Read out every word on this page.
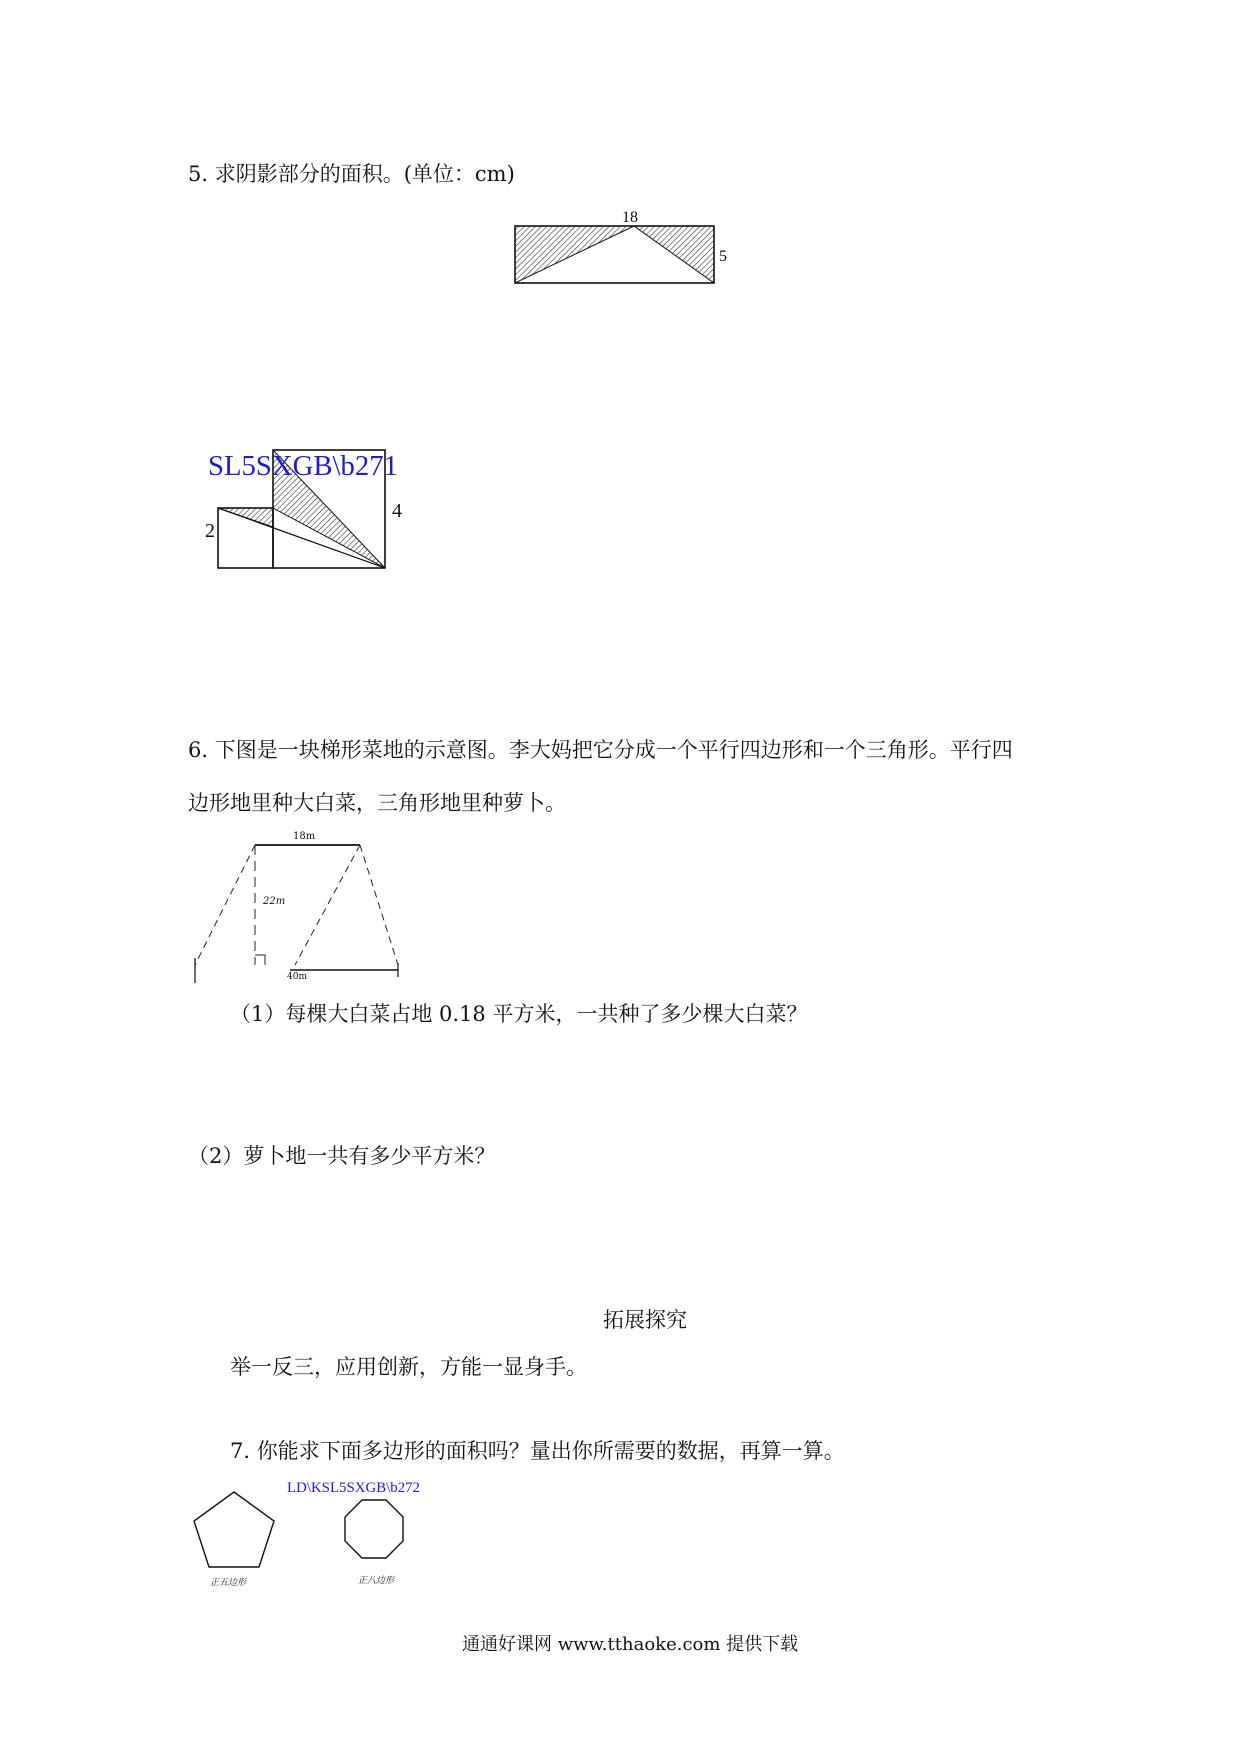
5. 求阴影部分的面积。(单位：cm)
18
5
SL5SXGB\b271
2
4
6. 下图是一块梯形菜地的示意图。李大妈把它分成一个平行四边形和一个三角形。平行四
边形地里种大白菜，三角形地里种萝卜。
18m
22m
40m
（1）每棵大白菜占地 0.18 平方米，一共种了多少棵大白菜？
（2）萝卜地一共有多少平方米？
拓展探究
举一反三，应用创新，方能一显身手。
7. 你能求下面多边形的面积吗？量出你所需要的数据，再算一算。
LD\KSL5SXGB\b272
正五边形	正八边形
通通好课网 www.tthaoke.com 提供下载
